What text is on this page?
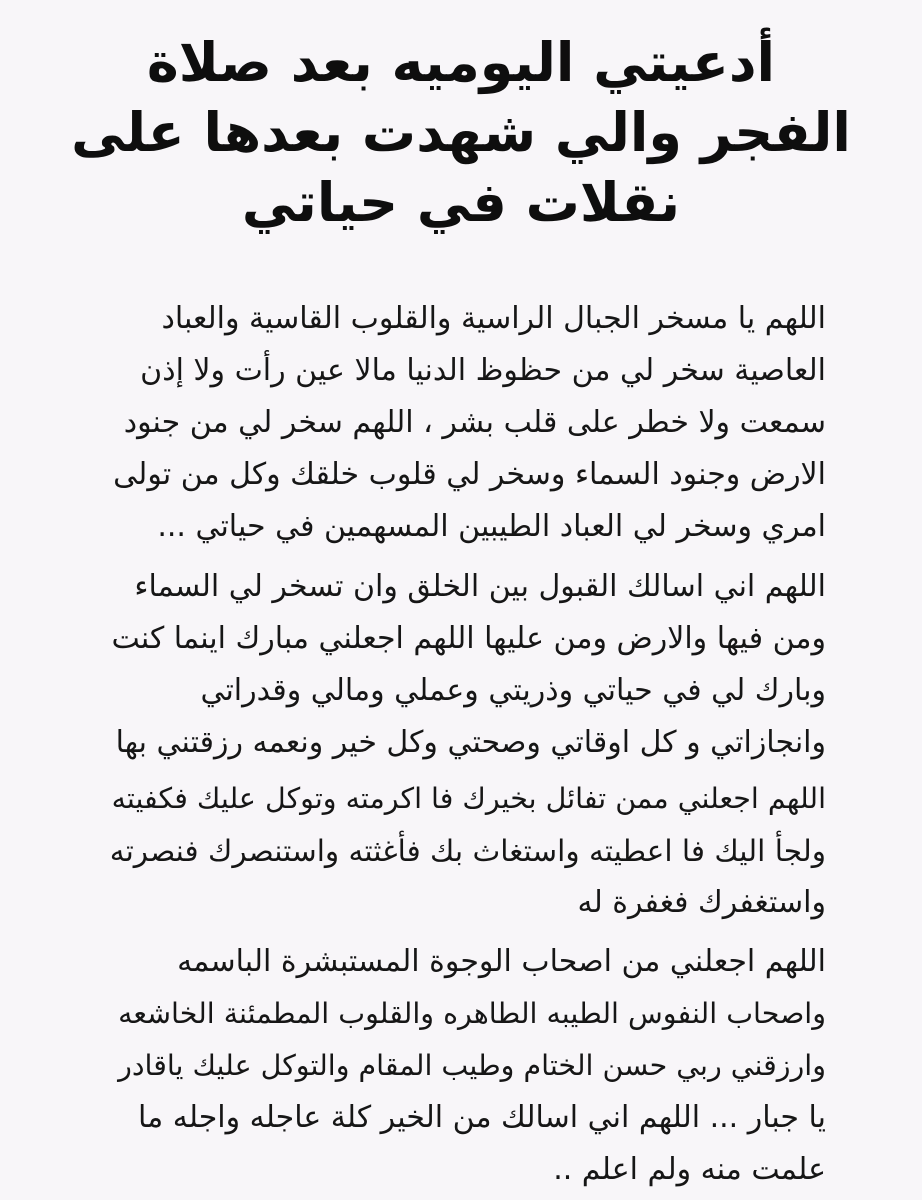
أدعيتي اليوميه بعد صلاة
الفجر والي شهدت بعدها على
نقلات في حياتي

اللهم يا مسخر الجبال الراسية والقلوب القاسية والعباد
العاصية سخر لي من حظوظ الدنيا مالا عين رأت ولا إذن
سمعت ولا خطر على قلب بشر ، اللهم سخر لي من جنود
الارض وجنود السماء وسخر لي قلوب خلقك وكل من تولى
امري وسخر لي العباد الطيبين المسهمين في حياتي ...

اللهم اني اسالك القبول بين الخلق وان تسخر لي السماء
ومن فيها والارض ومن عليها اللهم اجعلني مبارك اينما كنت
وبارك لي في حياتي وذريتي وعملي ومالي وقدراتي
وانجازاتي و كل اوقاتي وصحتي وكل خير ونعمه رزقتني بها

اللهم اجعلني ممن تفائل بخيرك فا اكرمته وتوكل عليك فكفيته
ولجأ اليك فا اعطيته واستغاث بك فأغثته واستنصرك فنصرته
واستغفرك فغفرة له

اللهم اجعلني من اصحاب الوجوة المستبشرة الباسمه
واصحاب النفوس الطيبه الطاهره والقلوب المطمئنة الخاشعه
وارزقني ربي حسن الختام وطيب المقام والتوكل عليك ياقادر
يا جبار ... اللهم اني اسالك من الخير كلة عاجله واجله ما
علمت منه ولم اعلم ..
